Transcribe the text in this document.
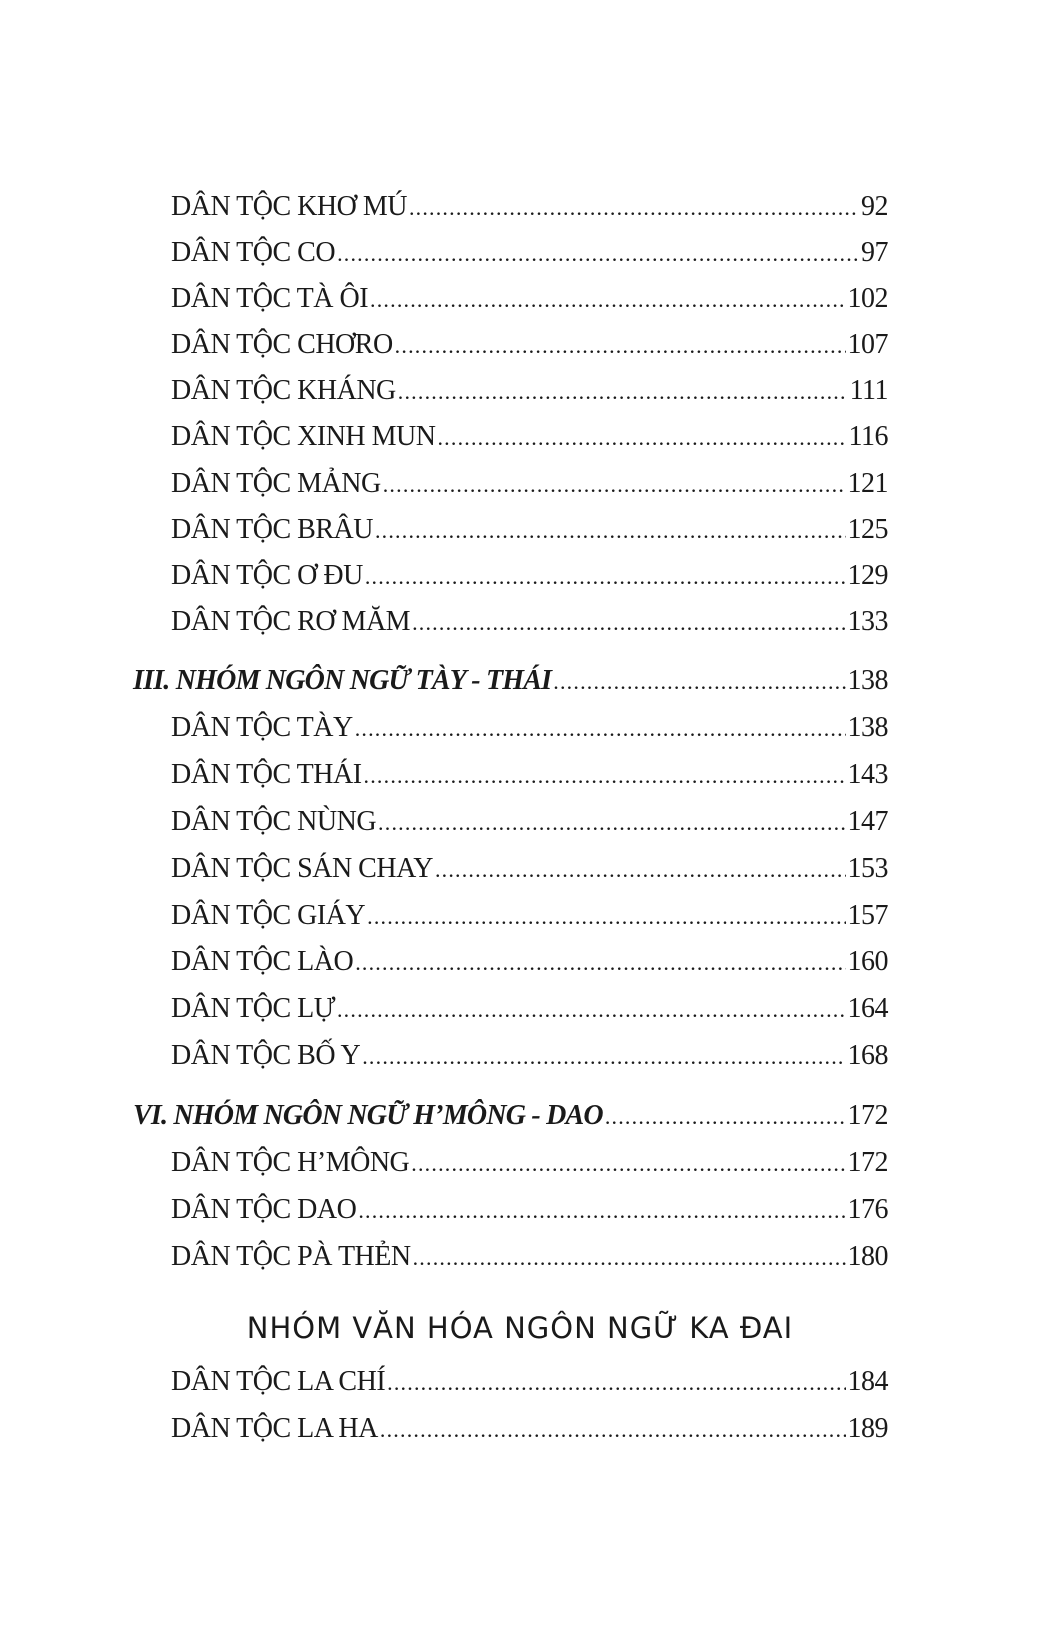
DÂN TỘC KHƠ MÚ .....	92
DÂN TỘC CO .....	97
DÂN TỘC TÀ ÔI .....	102
DÂN TỘC CHƠRO .....	107
DÂN TỘC KHÁNG .....	111
DÂN TỘC XINH MUN .....	116
DÂN TỘC MẢNG .....	121
DÂN TỘC BRÂU .....	125
DÂN TỘC Ơ ĐU .....	129
DÂN TỘC RƠ MĂM .....	133
III. NHÓM NGÔN NGỮ TÀY - THÁI .....	138
DÂN TỘC TÀY .....	138
DÂN TỘC THÁI .....	143
DÂN TỘC NÙNG .....	147
DÂN TỘC SÁN CHAY .....	153
DÂN TỘC GIÁY .....	157
DÂN TỘC LÀO .....	160
DÂN TỘC LỰ .....	164
DÂN TỘC BỐ Y .....	168
VI. NHÓM NGÔN NGỮ H’MÔNG - DAO .....	172
DÂN TỘC H’MÔNG .....	172
DÂN TỘC DAO .....	176
DÂN TỘC PÀ THẺN .....	180
NHÓM VĂN HÓA NGÔN NGỮ KA ĐAI
DÂN TỘC LA CHÍ .....	184
DÂN TỘC LA HA .....	189
